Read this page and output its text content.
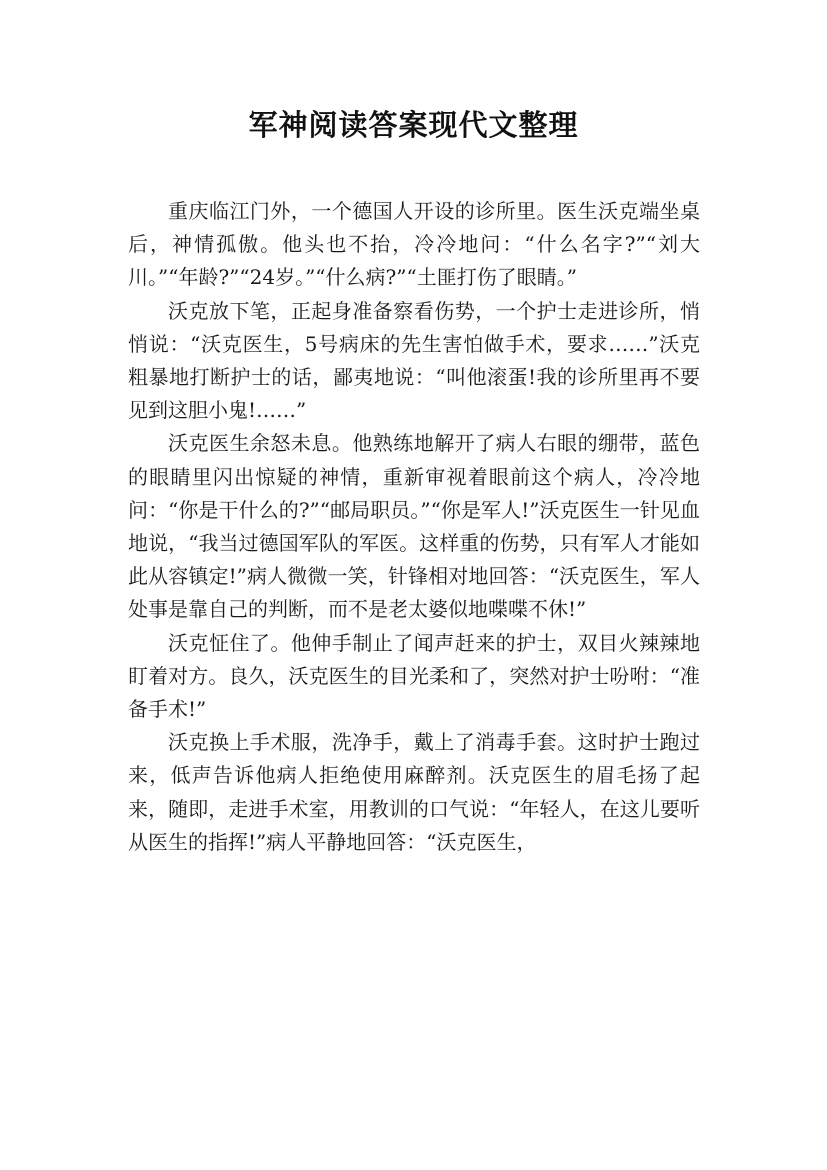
军神阅读答案现代文整理

重庆临江门外，一个德国人开设的诊所里。医生沃克端坐桌后，神情孤傲。他头也不抬，冷冷地问：“什么名字?”“刘大川。”“年龄?”“24岁。”“什么病?”“土匪打伤了眼睛。”

沃克放下笔，正起身准备察看伤势，一个护士走进诊所，悄悄说：“沃克医生，5号病床的先生害怕做手术，要求……”沃克粗暴地打断护士的话，鄙夷地说：“叫他滚蛋!我的诊所里再不要见到这胆小鬼!……”

沃克医生余怒未息。他熟练地解开了病人右眼的绷带，蓝色的眼睛里闪出惊疑的神情，重新审视着眼前这个病人，冷冷地问：“你是干什么的?”“邮局职员。”“你是军人!”沃克医生一针见血地说，“我当过德国军队的军医。这样重的伤势，只有军人才能如此从容镇定!”病人微微一笑，针锋相对地回答：“沃克医生，军人处事是靠自己的判断，而不是老太婆似地喋喋不休!”

沃克怔住了。他伸手制止了闻声赶来的护士，双目火辣辣地盯着对方。良久，沃克医生的目光柔和了，突然对护士吩咐：“准备手术!”

沃克换上手术服，洗净手，戴上了消毒手套。这时护士跑过来，低声告诉他病人拒绝使用麻醉剂。沃克医生的眉毛扬了起来，随即，走进手术室，用教训的口气说：“年轻人，在这儿要听从医生的指挥!”病人平静地回答：“沃克医生，
